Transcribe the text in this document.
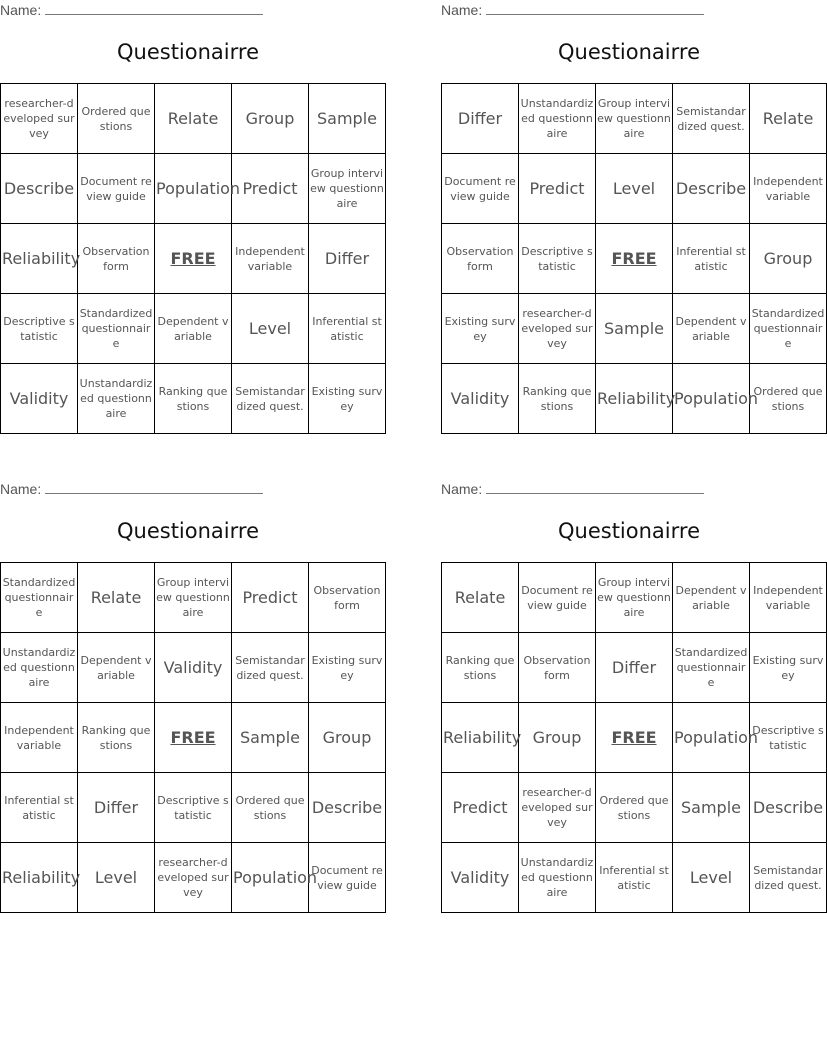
Name:
Questionairre
researcher-developed survey	Ordered questions	Relate	Group	Sample
Describe	Document review guide	Population	Predict	Group interview questionnaire
Reliability	Observation form	FREE	Independent variable	Differ
Descriptive statistic	Standardized questionnaire	Dependent variable	Level	Inferential statistic
Validity	Unstandardized questionnaire	Ranking questions	Semistandardized quest.	Existing survey
Name:
Questionairre
Differ	Unstandardized questionnaire	Group interview questionnaire	Semistandardized quest.	Relate
Document review guide	Predict	Level	Describe	Independent variable
Observation form	Descriptive statistic	FREE	Inferential statistic	Group
Existing survey	researcher-developed survey	Sample	Dependent variable	Standardized questionnaire
Validity	Ranking questions	Reliability	Population	Ordered questions
Name:
Questionairre
Standardized questionnaire	Relate	Group interview questionnaire	Predict	Observation form
Unstandardized questionnaire	Dependent variable	Validity	Semistandardized quest.	Existing survey
Independent variable	Ranking questions	FREE	Sample	Group
Inferential statistic	Differ	Descriptive statistic	Ordered questions	Describe
Reliability	Level	researcher-developed survey	Population	Document review guide
Name:
Questionairre
Relate	Document review guide	Group interview questionnaire	Dependent variable	Independent variable
Ranking questions	Observation form	Differ	Standardized questionnaire	Existing survey
Reliability	Group	FREE	Population	Descriptive statistic
Predict	researcher-developed survey	Ordered questions	Sample	Describe
Validity	Unstandardized questionnaire	Inferential statistic	Level	Semistandardized quest.
